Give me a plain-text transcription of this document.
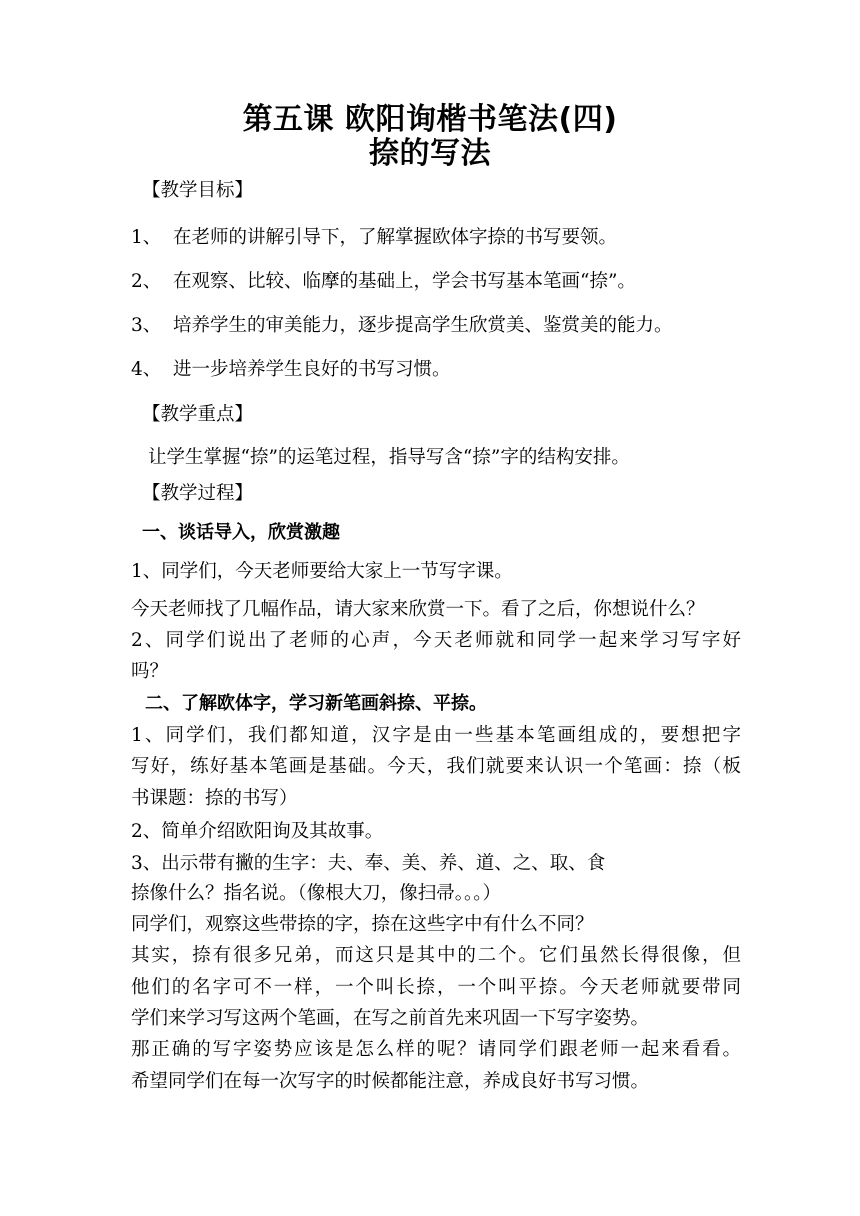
第五课 欧阳询楷书笔法(四)
捺的写法
【教学目标】
1、 在老师的讲解引导下，了解掌握欧体字捺的书写要领。
2、 在观察、比较、临摩的基础上，学会书写基本笔画“捺”。
3、 培养学生的审美能力，逐步提高学生欣赏美、鉴赏美的能力。
4、 进一步培养学生良好的书写习惯。
【教学重点】
让学生掌握“捺”的运笔过程，指导写含“捺”字的结构安排。
【教学过程】
一、谈话导入，欣赏激趣
1、同学们，今天老师要给大家上一节写字课。
今天老师找了几幅作品，请大家来欣赏一下。看了之后，你想说什么？
2、同学们说出了老师的心声，今天老师就和同学一起来学习写字好
吗？
二、了解欧体字，学习新笔画斜捺、平捺。
1、同学们，我们都知道，汉字是由一些基本笔画组成的，要想把字
写好，练好基本笔画是基础。今天，我们就要来认识一个笔画：捺（板
书课题：捺的书写）
2、简单介绍欧阳询及其故事。
3、出示带有撇的生字：夫、奉、美、养、道、之、取、食
捺像什么？指名说。（像根大刀，像扫帚。。。）
同学们，观察这些带捺的字，捺在这些字中有什么不同？
其实，捺有很多兄弟，而这只是其中的二个。它们虽然长得很像，但
他们的名字可不一样，一个叫长捺，一个叫平捺。今天老师就要带同
学们来学习写这两个笔画，在写之前首先来巩固一下写字姿势。
那正确的写字姿势应该是怎么样的呢？请同学们跟老师一起来看看。
希望同学们在每一次写字的时候都能注意，养成良好书写习惯。
